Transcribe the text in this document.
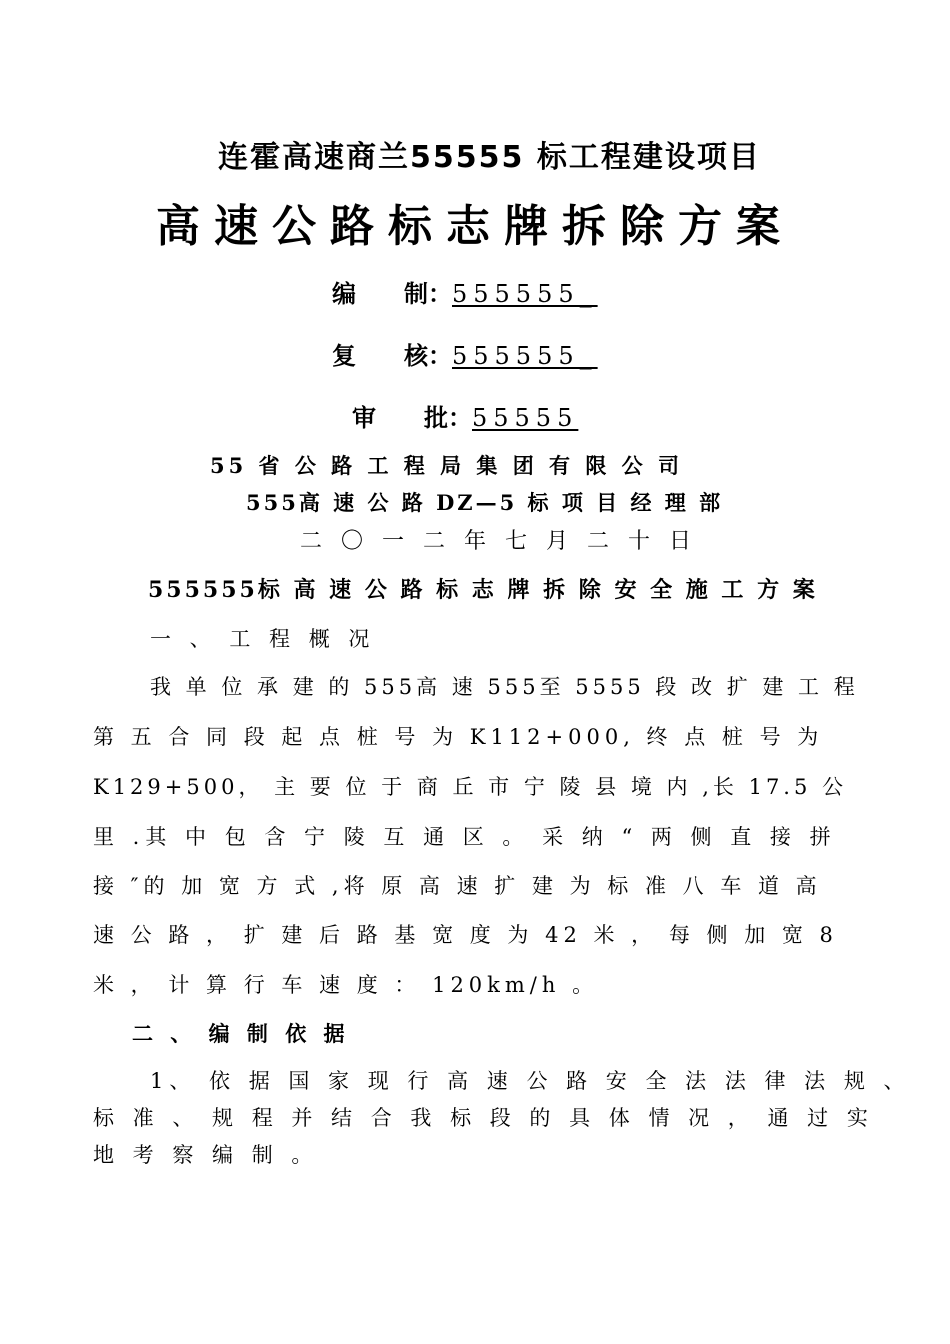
连霍高速商兰55555 标工程建设项目
高速公路标志牌拆除方案
编　　制：555555_
复　　核：555555_
审　　批：55555
55 省 公 路 工 程 局 集 团 有 限 公 司
555高 速 公 路 DZ—5 标 项 目 经 理 部
二 〇 一 二 年 七 月 二 十 日
555555标 高 速 公 路 标 志 牌 拆 除 安 全 施 工 方 案
一 、 工 程 概 况
我 单 位 承 建 的 555高 速 555至 5555 段 改 扩 建 工 程
第 五 合 同 段 起 点 桩 号 为 K112+000, 终 点 桩 号 为
K129+500， 主 要 位 于 商 丘 市 宁 陵 县 境 内 ,长 17.5 公
里 .其 中 包 含 宁 陵 互 通 区 。 采 纳 “ 两 侧 直 接 拼
接 ″的 加 宽 方 式 ,将 原 高 速 扩 建 为 标 准 八 车 道 高
速 公 路 ， 扩 建 后 路 基 宽 度 为 42 米 ， 每 侧 加 宽 8
米 ， 计 算 行 车 速 度 ： 120km/h 。
二 、 编 制 依 据
1、 依 据 国 家 现 行 高 速 公 路 安 全 法 法 律 法 规 、
标 准 、 规 程 并 结 合 我 标 段 的 具 体 情 况 ， 通 过 实
地 考 察 编 制 。
